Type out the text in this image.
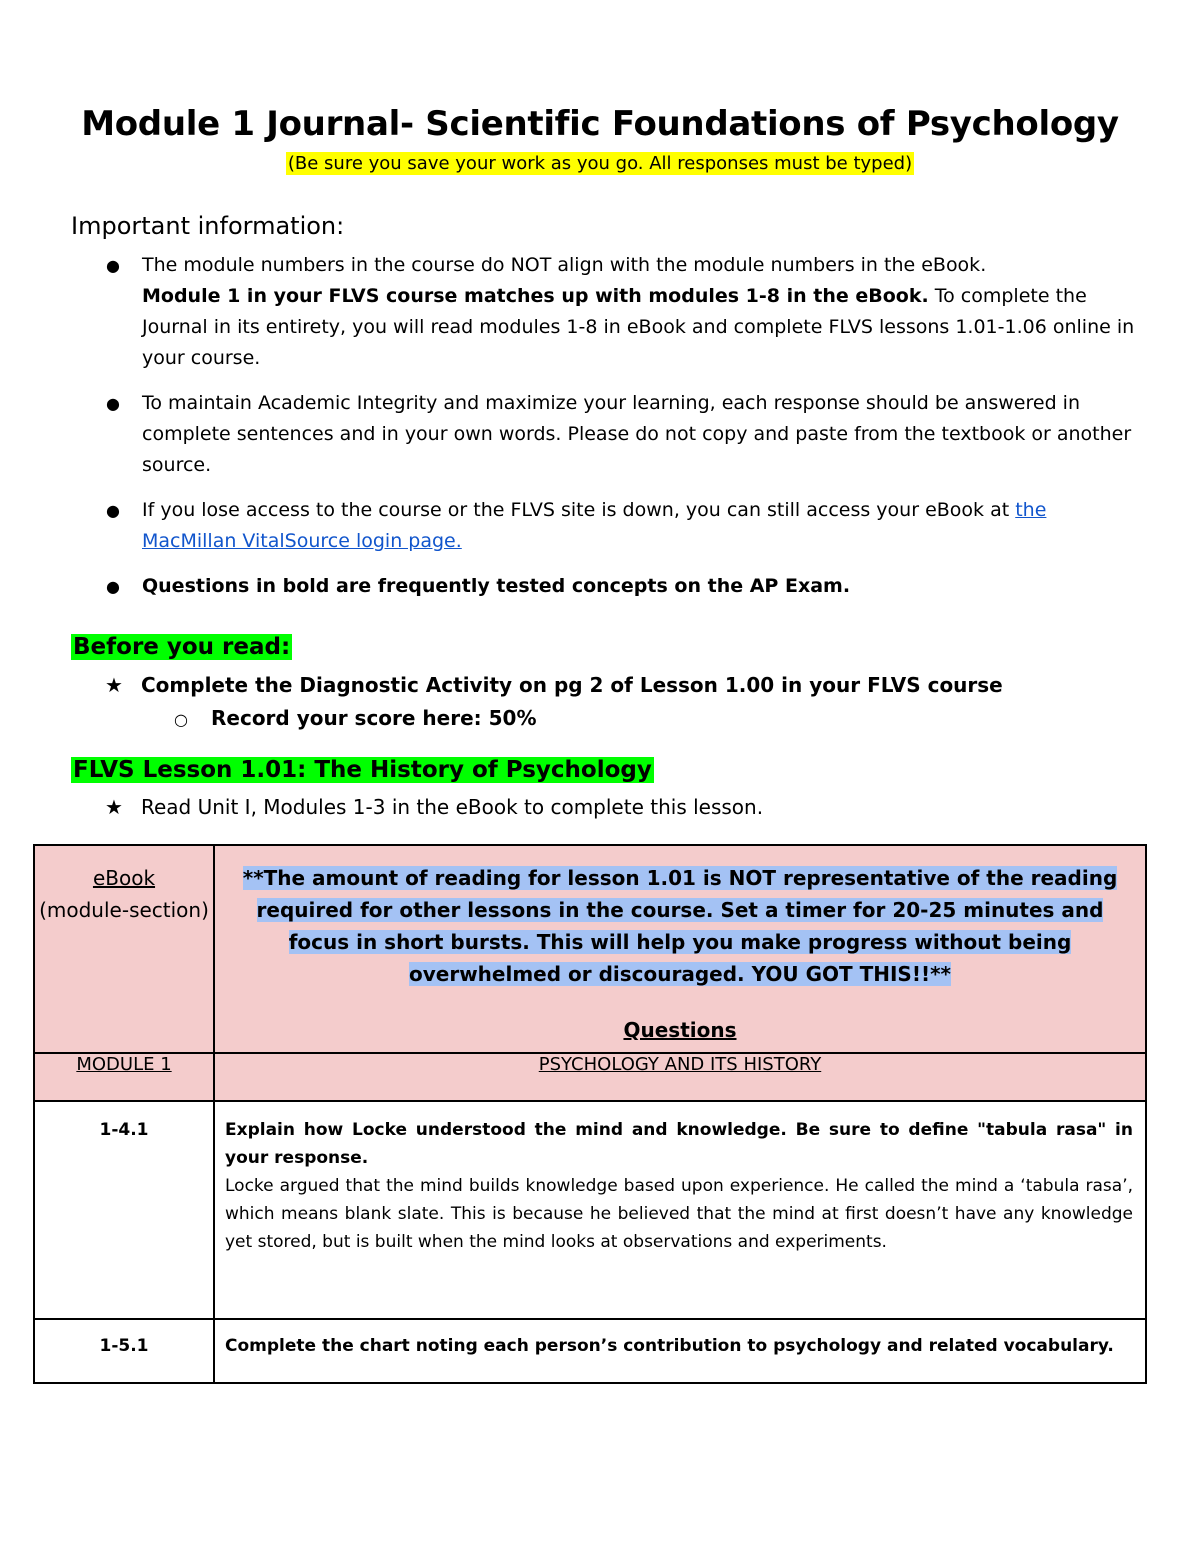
Module 1 Journal- Scientific Foundations of Psychology
(Be sure you save your work as you go. All responses must be typed)
Important information:
● The module numbers in the course do NOT align with the module numbers in the eBook.
Module 1 in your FLVS course matches up with modules 1-8 in the eBook. To complete the Journal in its entirety, you will read modules 1-8 in eBook and complete FLVS lessons 1.01-1.06 online in your course.
● To maintain Academic Integrity and maximize your learning, each response should be answered in complete sentences and in your own words. Please do not copy and paste from the textbook or another source.
● If you lose access to the course or the FLVS site is down, you can still access your eBook at the MacMillan VitalSource login page.
● Questions in bold are frequently tested concepts on the AP Exam.
Before you read:
★ Complete the Diagnostic Activity on pg 2 of Lesson 1.00 in your FLVS course
○ Record your score here: 50%
FLVS Lesson 1.01: The History of Psychology
★ Read Unit I, Modules 1-3 in the eBook to complete this lesson.
eBook
(module-section)	**The amount of reading for lesson 1.01 is NOT representative of the reading required for other lessons in the course. Set a timer for 20-25 minutes and focus in short bursts. This will help you make progress without being overwhelmed or discouraged. YOU GOT THIS!!**
Questions

MODULE 1	PSYCHOLOGY AND ITS HISTORY
1-4.1	Explain how Locke understood the mind and knowledge. Be sure to define "tabula rasa" in your response.
Locke argued that the mind builds knowledge based upon experience. He called the mind a ‘tabula rasa’, which means blank slate. This is because he believed that the mind at first doesn’t have any knowledge yet stored, but is built when the mind looks at observations and experiments.
1-5.1	Complete the chart noting each person’s contribution to psychology and related vocabulary.
